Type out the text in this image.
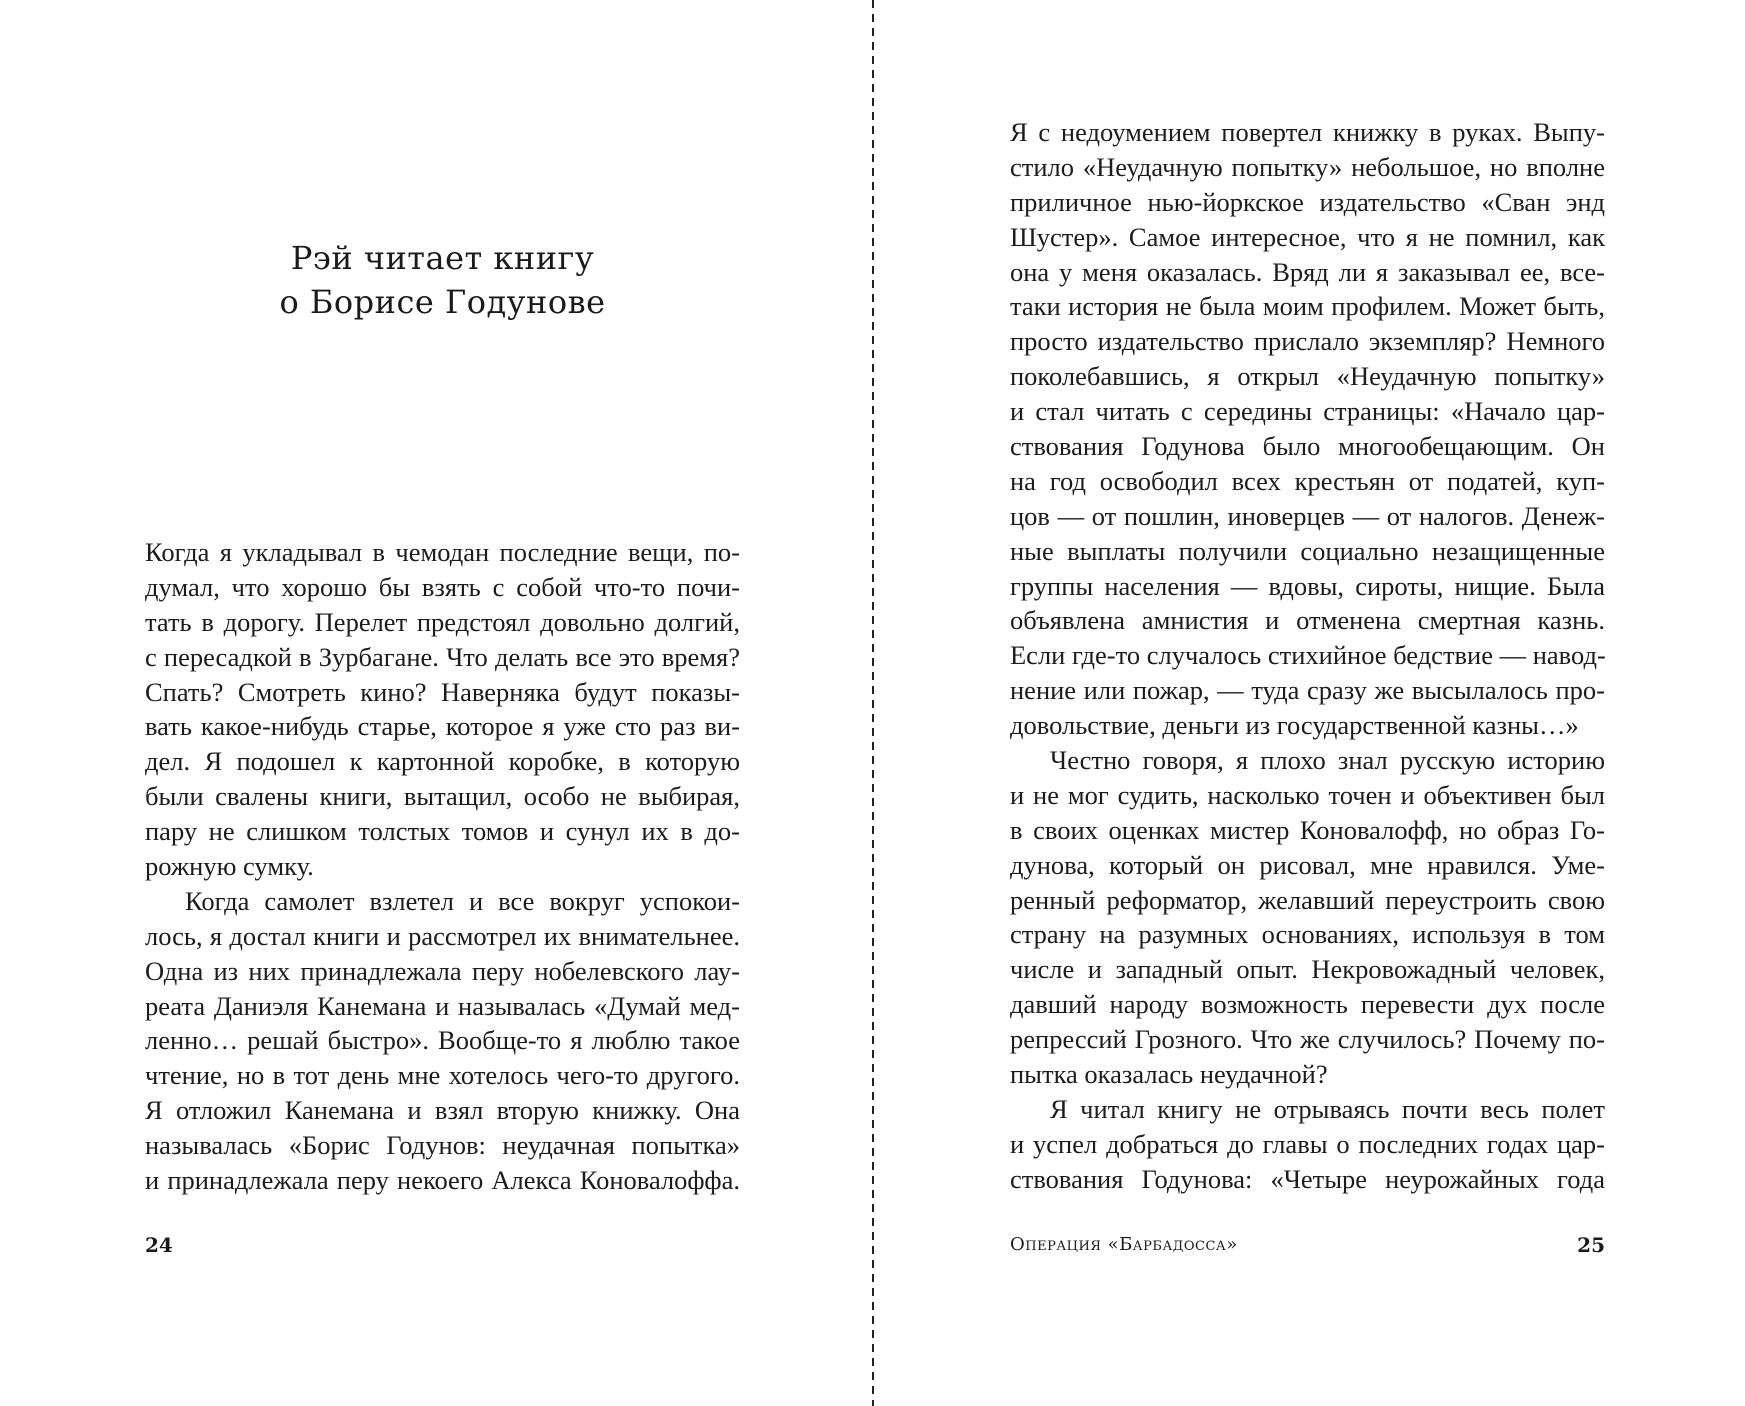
Рэй читает книгу
о Борисе Годунове
Когда я укладывал в чемодан последние вещи, по-
думал, что хорошо бы взять с собой что-то почи-
тать в дорогу. Перелет предстоял довольно долгий,
с пересадкой в Зурбагане. Что делать все это время?
Спать? Смотреть кино? Наверняка будут показы-
вать какое-нибудь старье, которое я уже сто раз ви-
дел. Я подошел к картонной коробке, в которую
были свалены книги, вытащил, особо не выбирая,
пару не слишком толстых томов и сунул их в до-
рожную сумку.
Когда самолет взлетел и все вокруг успокои-
лось, я достал книги и рассмотрел их внимательнее.
Одна из них принадлежала перу нобелевского лау-
реата Даниэля Канемана и называлась «Думай мед-
ленно… решай быстро». Вообще-то я люблю такое
чтение, но в тот день мне хотелось чего-то другого.
Я отложил Канемана и взял вторую книжку. Она
называлась «Борис Годунов: неудачная попытка»
и принадлежала перу некоего Алекса Коновалоффа.
24
Я с недоумением повертел книжку в руках. Выпу-
стило «Неудачную попытку» небольшое, но вполне
приличное нью-йоркское издательство «Сван энд
Шустер». Самое интересное, что я не помнил, как
она у меня оказалась. Вряд ли я заказывал ее, все-
таки история не была моим профилем. Может быть,
просто издательство прислало экземпляр? Немного
поколебавшись, я открыл «Неудачную попытку»
и стал читать с середины страницы: «Начало цар-
ствования Годунова было многообещающим. Он
на год освободил всех крестьян от податей, куп-
цов — от пошлин, иноверцев — от налогов. Денеж-
ные выплаты получили социально незащищенные
группы населения — вдовы, сироты, нищие. Была
объявлена амнистия и отменена смертная казнь.
Если где-то случалось стихийное бедствие — навод-
нение или пожар, — туда сразу же высылалось про-
довольствие, деньги из государственной казны…»
Честно говоря, я плохо знал русскую историю
и не мог судить, насколько точен и объективен был
в своих оценках мистер Коновалофф, но образ Го-
дунова, который он рисовал, мне нравился. Уме-
ренный реформатор, желавший переустроить свою
страну на разумных основаниях, используя в том
числе и западный опыт. Некровожадный человек,
давший народу возможность перевести дух после
репрессий Грозного. Что же случилось? Почему по-
пытка оказалась неудачной?
Я читал книгу не отрываясь почти весь полет
и успел добраться до главы о последних годах цар-
ствования Годунова: «Четыре неурожайных года
Операция «Барбадосса»	25
